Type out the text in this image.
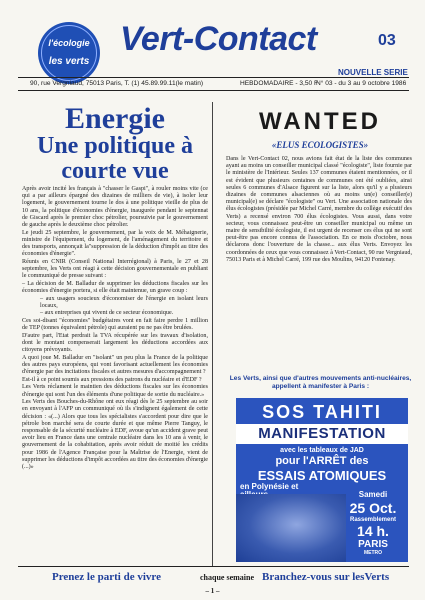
l'écologie
les verts
Vert-Contact	03
NOUVELLE SERIE
90, rue Vergniaud, 75013 Paris, T. (1) 45.89.99.11(le matin)	HEBDOMADAIRE - 3,50 F
N° 03 - du 3 au 9 octobre 1986
Energie
Une politique à
courte vue

Après avoir incité les français à "chasser le Gaspi", à rouler moins vite (ce qui a par ailleurs épargné des dizaines de milliers de vie), à isoler leur logement, le gouvernement tourne le dos à une politique vieille de plus de 10 ans, la politique d'économies d'énergie, inaugurée pendant le septennat de Giscard après le premier choc pétrolier, poursuivie par le gouvernement de gauche après le deuxième choc pétrolier.

Le jeudi 25 septembre, le gouvernement, par la voix de M. Méhaignerie, ministre de l'équipement, du logement, de l'aménagement du territoire et des transports, annonçait la"suppression de la déduction d'impôt au titre des économies d'énergie".

Réunis en CNIR (Conseil National Interrégional) à Paris, le 27 et 28 septembre, les Verts ont réagi à cette décision gouvernementale en publiant le communiqué de presse suivant :

– La décision de M. Balladur de supprimer les déductions fiscales sur les économies d'énergie portera, si elle était maintenue, un grave coup :

– aux usagers soucieux d'économiser de l'énergie en isolant leurs locaux,

– aux entreprises qui vivent de ce secteur économique.

Ces soi-disant "économies" budgétaires vont en fait faire perdre 1 million de TEP (tonnes équivalent pétrole) qui auraient pu ne pas être brulées.

D'autre part, l'Etat perdrait la TVA récupérée sur les travaux d'isolation, dont le montant compenserait largement les déductions accordées aux citoyens prévoyants.

A quoi joue M. Balladur en "isolant" un peu plus la France de la politique des autres pays européens, qui vont favorisant actuellement les économies d'énergie par des incitations fiscales et autres mesures d'accompagnement ?

Est-il à ce point soumis aux pressions des patrons du nucléaire et d'EDF ?

Les Verts réclament le maintien des déductions fiscales sur les économies d'énergie qui sont l'un des éléments d'une politique de sortie du nucléaire.»

Les Verts des Bouches-du-Rhône ont eux réagi dès le 25 septembre au soir en envoyant à l'AFP un communiqué où ils s'indignent également de cette décision : «(...) Alors que tous les spécialistes s'accordent pour dire que le pétrole bon marché sera de courte durée et que même Pierre Tanguy, le responsable de la sécurité nucléaire à EDF, avoue qu'un accident grave peut avoir lieu en France dans une centrale nucléaire dans les 10 ans à venir, le gouvernement de la cohabitation, après avoir réduit de moitié les crédits pour 1986 de l'Agence Française pour la Maîtrise de l'Energie, vient de supprimer les déductions d'impôt accordées au titre des économies d'énergie (...)»

WANTED
«ELUS ECOLOGISTES»

Dans le Vert-Contact 02, nous avions fait état de la liste des communes ayant au moins un conseiller municipal classé "écologiste", liste fournie par le ministère de l'Intérieur. Seules 137 communes étaient mentionnées, or il est évident que plusieurs centaines de communes ont été oubliées, ainsi seules 6 communes d'Alsace figurent sur la liste, alors qu'il y a plusieurs dizaines de communes alsaciennes où au moins un(e) conseiller(e) municipal(e) se déclare "écologiste" ou Vert. Une association nationale des élus écologistes (présidée par Michel Carré, membre du collège exécutif des Verts) a recensé environ 700 élus écologistes. Vous aussi, dans votre secteur, vous connaissez peut-être un conseiller municipal ou même un maire de sensibilité écologiste, il est urgent de recenser ces élus qui ne sont peut-être pas encore connus de l'association. En ce mois d'octobre, nous déclarons donc l'ouverture de la chasse... aux élus Verts. Envoyez les coordonnées de ceux que vous connaissez à Vert-Contact, 90 rue Vergniaud, 75013 Paris et à Michel Carré, 199 rue des Moulins, 94120 Fontenay.

Les Verts, ainsi que d'autres mouvements anti-nucléaires, appellent à manifester à Paris :
SOS TAHITI
MANIFESTATION
avec les tableaux de JAD
pour l'ARRÊT des
ESSAIS ATOMIQUES
en Polynésie et
Samedi
25 Oct.
Rassemblement
14 h.
PARIS
METRO
Prenez le parti de vivre	chaque semaine Branchez-vous sur lesVerts
– 1 –
